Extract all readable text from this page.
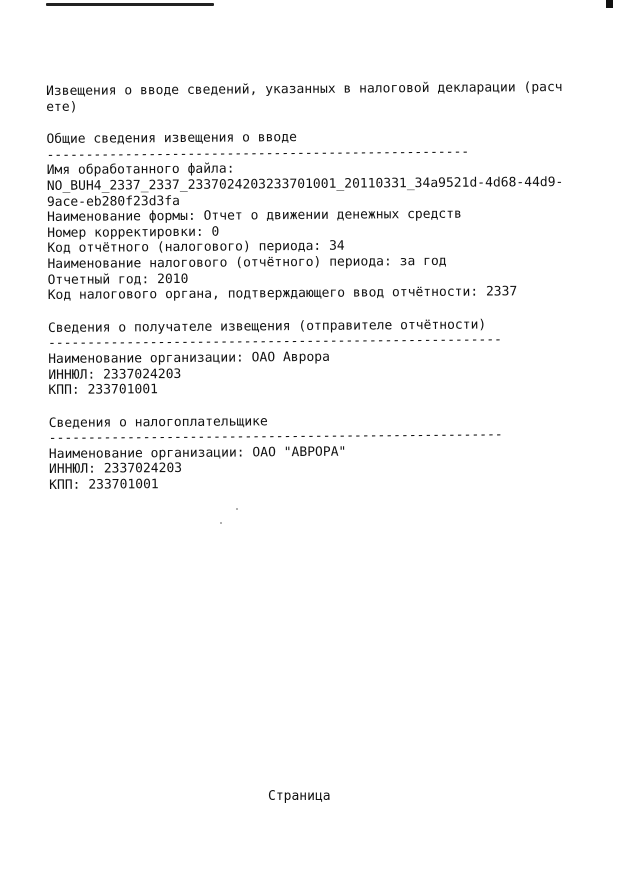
Извещения о вводе сведений, указанных в налоговой декларации (расчете)

Общие сведения извещения о вводе

------------------------------------------------------

Имя обработанного файла:

NO_BUH4_2337_2337_2337024203233701001_20110331_34a9521d-4d68-44d9-9ace-eb280f23d3fa

Наименование формы: Отчет о движении денежных средств

Номер корректировки: 0

Код отчётного (налогового) периода: 34

Наименование налогового (отчётного) периода: за год

Отчетный год: 2010

Код налогового органа, подтверждающего ввод отчётности: 2337

Сведения о получателе извещения (отправителе отчётности)

----------------------------------------------------------

Наименование организации: ОАО Аврора

ИННЮЛ: 2337024203

КПП: 233701001

Сведения о налогоплательщике

----------------------------------------------------------

Наименование организации: ОАО "АВРОРА"

ИННЮЛ: 2337024203

КПП: 233701001

Страница
